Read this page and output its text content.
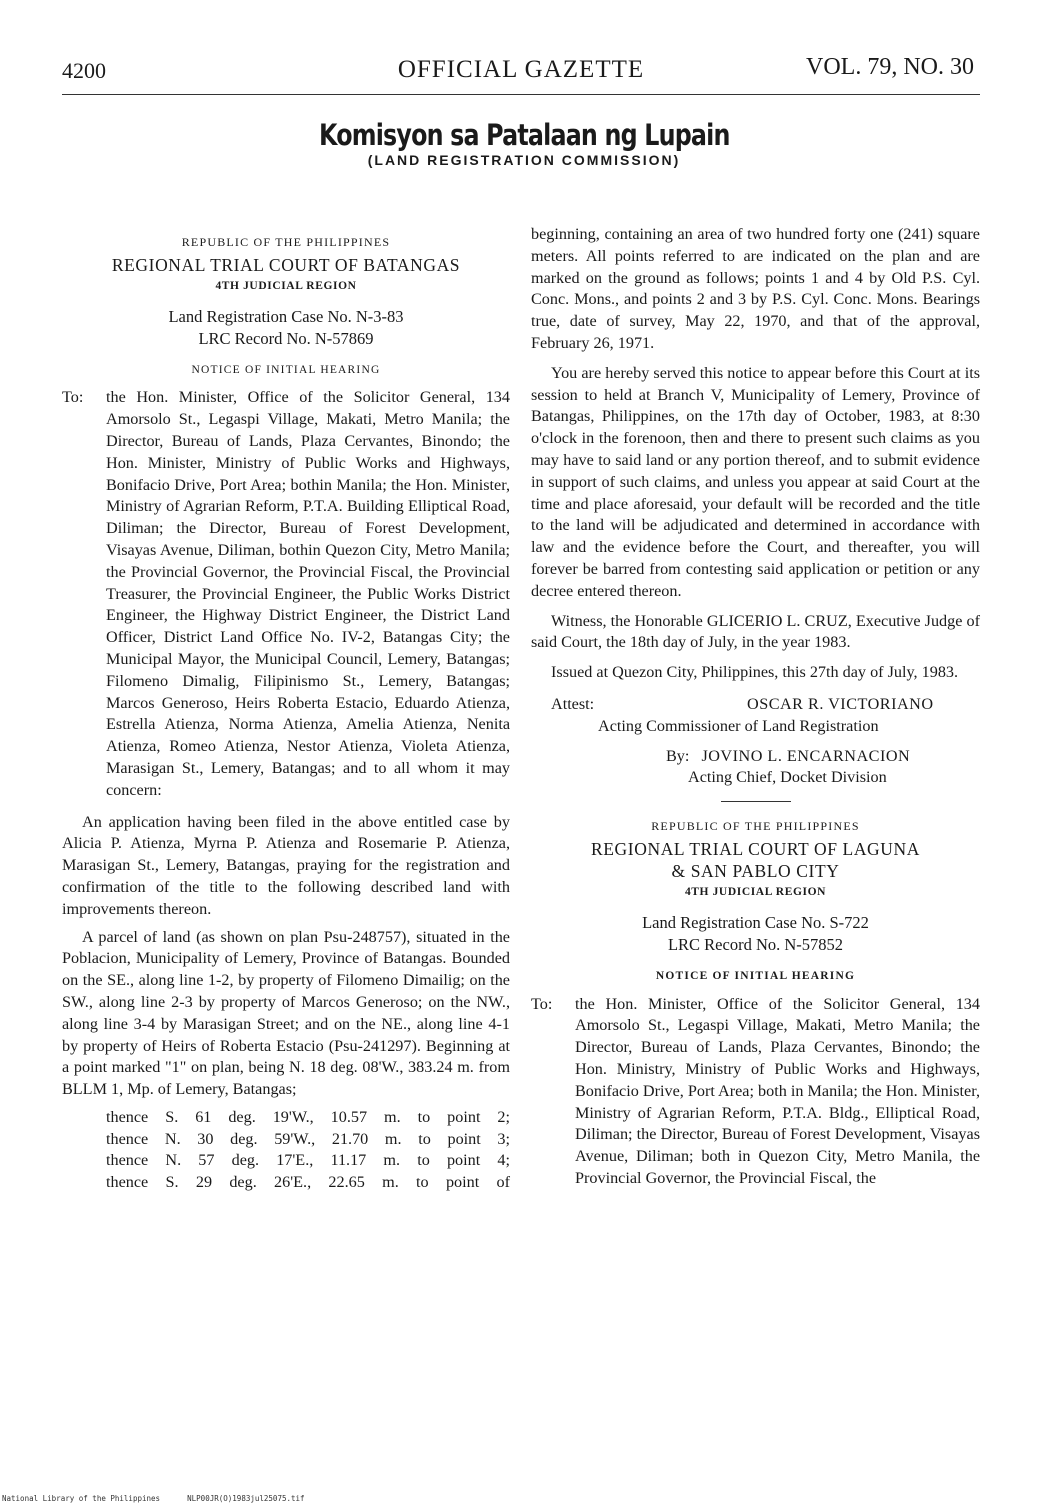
4200	OFFICIAL GAZETTE	VOL. 79, NO. 30
Komisyon sa Patalaan ng Lupain
(LAND REGISTRATION COMMISSION)
REPUBLIC OF THE PHILIPPINES
REGIONAL TRIAL COURT OF BATANGAS
4TH JUDICIAL REGION
Land Registration Case No. N-3-83
LRC Record No. N-57869
NOTICE OF INITIAL HEARING
To:	the Hon. Minister, Office of the Solicitor General, 134 Amorsolo St., Legaspi Village, Makati, Metro Manila; the Director, Bureau of Lands, Plaza Cervantes, Binondo; the Hon. Minister, Ministry of Public Works and Highways, Bonifacio Drive, Port Area; bothin Manila; the Hon. Minister, Ministry of Agrarian Reform, P.T.A. Building Elliptical Road, Diliman; the Director, Bureau of Forest Development, Visayas Avenue, Diliman, bothin Quezon City, Metro Manila; the Provincial Governor, the Provincial Fiscal, the Provincial Treasurer, the Provincial Engineer, the Public Works District Engineer, the Highway District Engineer, the District Land Officer, District Land Office No. IV-2, Batangas City; the Municipal Mayor, the Municipal Council, Lemery, Batangas; Filomeno Dimalig, Filipinismo St., Lemery, Batangas; Marcos Generoso, Heirs Roberta Estacio, Eduardo Atienza, Estrella Atienza, Norma Atienza, Amelia Atienza, Nenita Atienza, Romeo Atienza, Nestor Atienza, Violeta Atienza, Marasigan St., Lemery, Batangas; and to all whom it may concern:

An application having been filed in the above entitled case by Alicia P. Atienza, Myrna P. Atienza and Rosemarie P. Atienza, Marasigan St., Lemery, Batangas, praying for the registration and confirmation of the title to the following described land with improvements thereon.

A parcel of land (as shown on plan Psu-248757), situated in the Poblacion, Municipality of Lemery, Province of Batangas. Bounded on the SE., along line 1-2, by property of Filomeno Dimailig; on the SW., along line 2-3 by property of Marcos Generoso; on the NW., along line 3-4 by Marasigan Street; and on the NE., along line 4-1 by property of Heirs of Roberta Estacio (Psu-241297). Beginning at a point marked "1" on plan, being N. 18 deg. 08'W., 383.24 m. from BLLM 1, Mp. of Lemery, Batangas;

thence S. 61 deg. 19'W., 10.57 m. to point 2;
thence N. 30 deg. 59'W., 21.70 m. to point 3;
thence N. 57 deg. 17'E., 11.17 m. to point 4;
thence S. 29 deg. 26'E., 22.65 m. to point of

beginning, containing an area of two hundred forty one (241) square meters. All points referred to are indicated on the plan and are marked on the ground as follows; points 1 and 4 by Old P.S. Cyl. Conc. Mons., and points 2 and 3 by P.S. Cyl. Conc. Mons. Bearings true, date of survey, May 22, 1970, and that of the approval, February 26, 1971.

You are hereby served this notice to appear before this Court at its session to held at Branch V, Municipality of Lemery, Province of Batangas, Philippines, on the 17th day of October, 1983, at 8:30 o'clock in the forenoon, then and there to present such claims as you may have to said land or any portion thereof, and to submit evidence in support of such claims, and unless you appear at said Court at the time and place aforesaid, your default will be recorded and the title to the land will be adjudicated and determined in accordance with law and the evidence before the Court, and thereafter, you will forever be barred from contesting said application or petition or any decree entered thereon.

Witness, the Honorable GLICERIO L. CRUZ, Executive Judge of said Court, the 18th day of July, in the year 1983.

Issued at Quezon City, Philippines, this 27th day of July, 1983.

Attest:	OSCAR R. VICTORIANO
Acting Commissioner of Land Registration
By: JOVINO L. ENCARNACION
Acting Chief, Docket Division
REPUBLIC OF THE PHILIPPINES
REGIONAL TRIAL COURT OF LAGUNA
& SAN PABLO CITY
4TH JUDICIAL REGION
Land Registration Case No. S-722
LRC Record No. N-57852
NOTICE OF INITIAL HEARING
To:	the Hon. Minister, Office of the Solicitor General, 134 Amorsolo St., Legaspi Village, Makati, Metro Manila; the Director, Bureau of Lands, Plaza Cervantes, Binondo; the Hon. Ministry, Ministry of Public Works and Highways, Bonifacio Drive, Port Area; both in Manila; the Hon. Minister, Ministry of Agrarian Reform, P.T.A. Bldg., Elliptical Road, Diliman; the Director, Bureau of Forest Development, Visayas Avenue, Diliman; both in Quezon City, Metro Manila, the Provincial Governor, the Provincial Fiscal, the
National Library of the Philippines      NLP00JR(O)1983jul25075.tif
